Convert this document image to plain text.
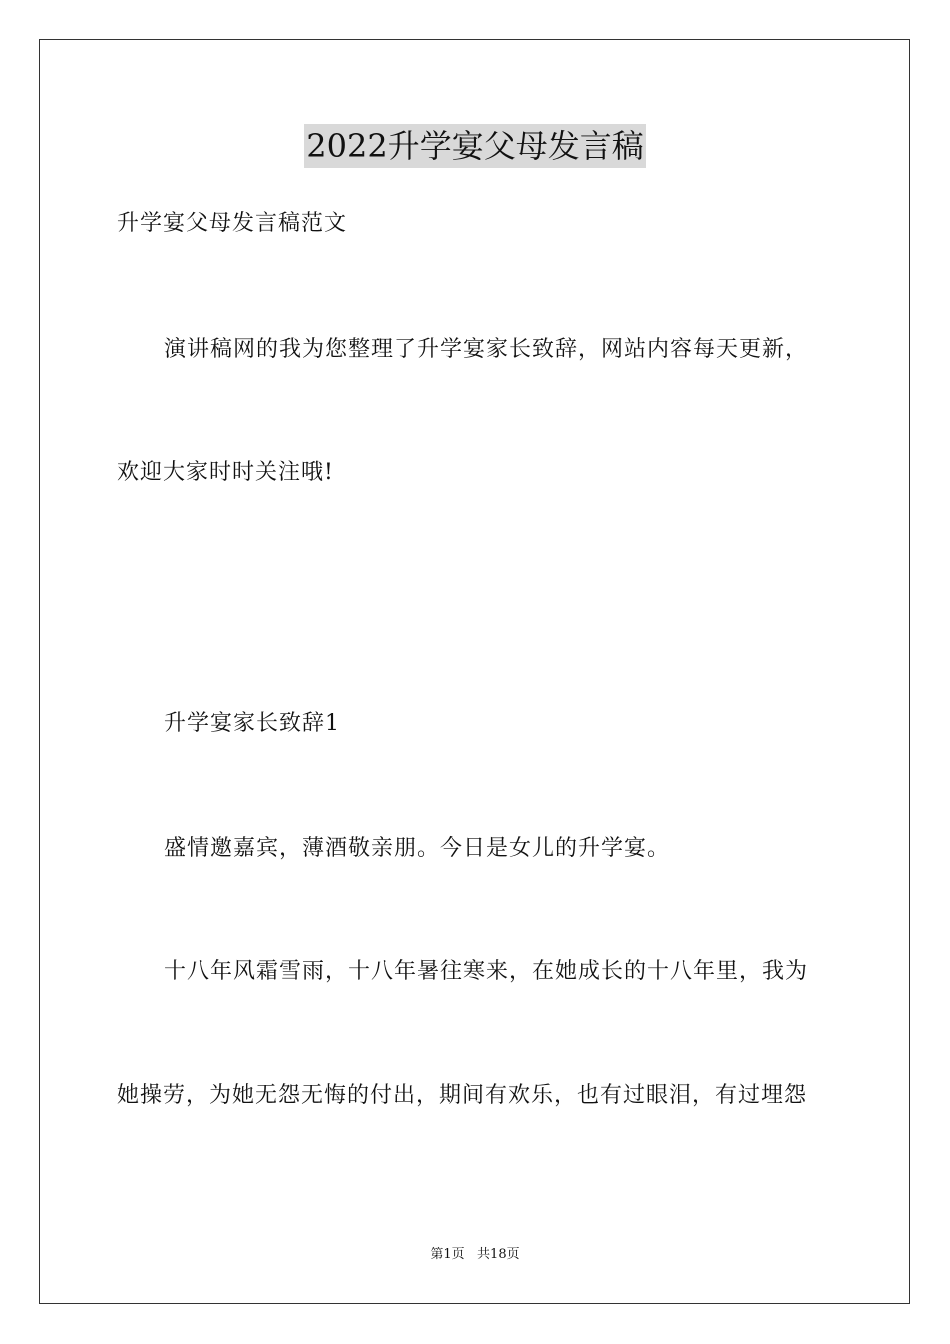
2022升学宴父母发言稿
升学宴父母发言稿范文
演讲稿网的我为您整理了升学宴家长致辞，网站内容每天更新，
欢迎大家时时关注哦!
升学宴家长致辞1
盛情邀嘉宾，薄酒敬亲朋。今日是女儿的升学宴。
十八年风霜雪雨，十八年暑往寒来，在她成长的十八年里，我为
她操劳，为她无怨无悔的付出，期间有欢乐，也有过眼泪，有过埋怨
第1页   共18页
